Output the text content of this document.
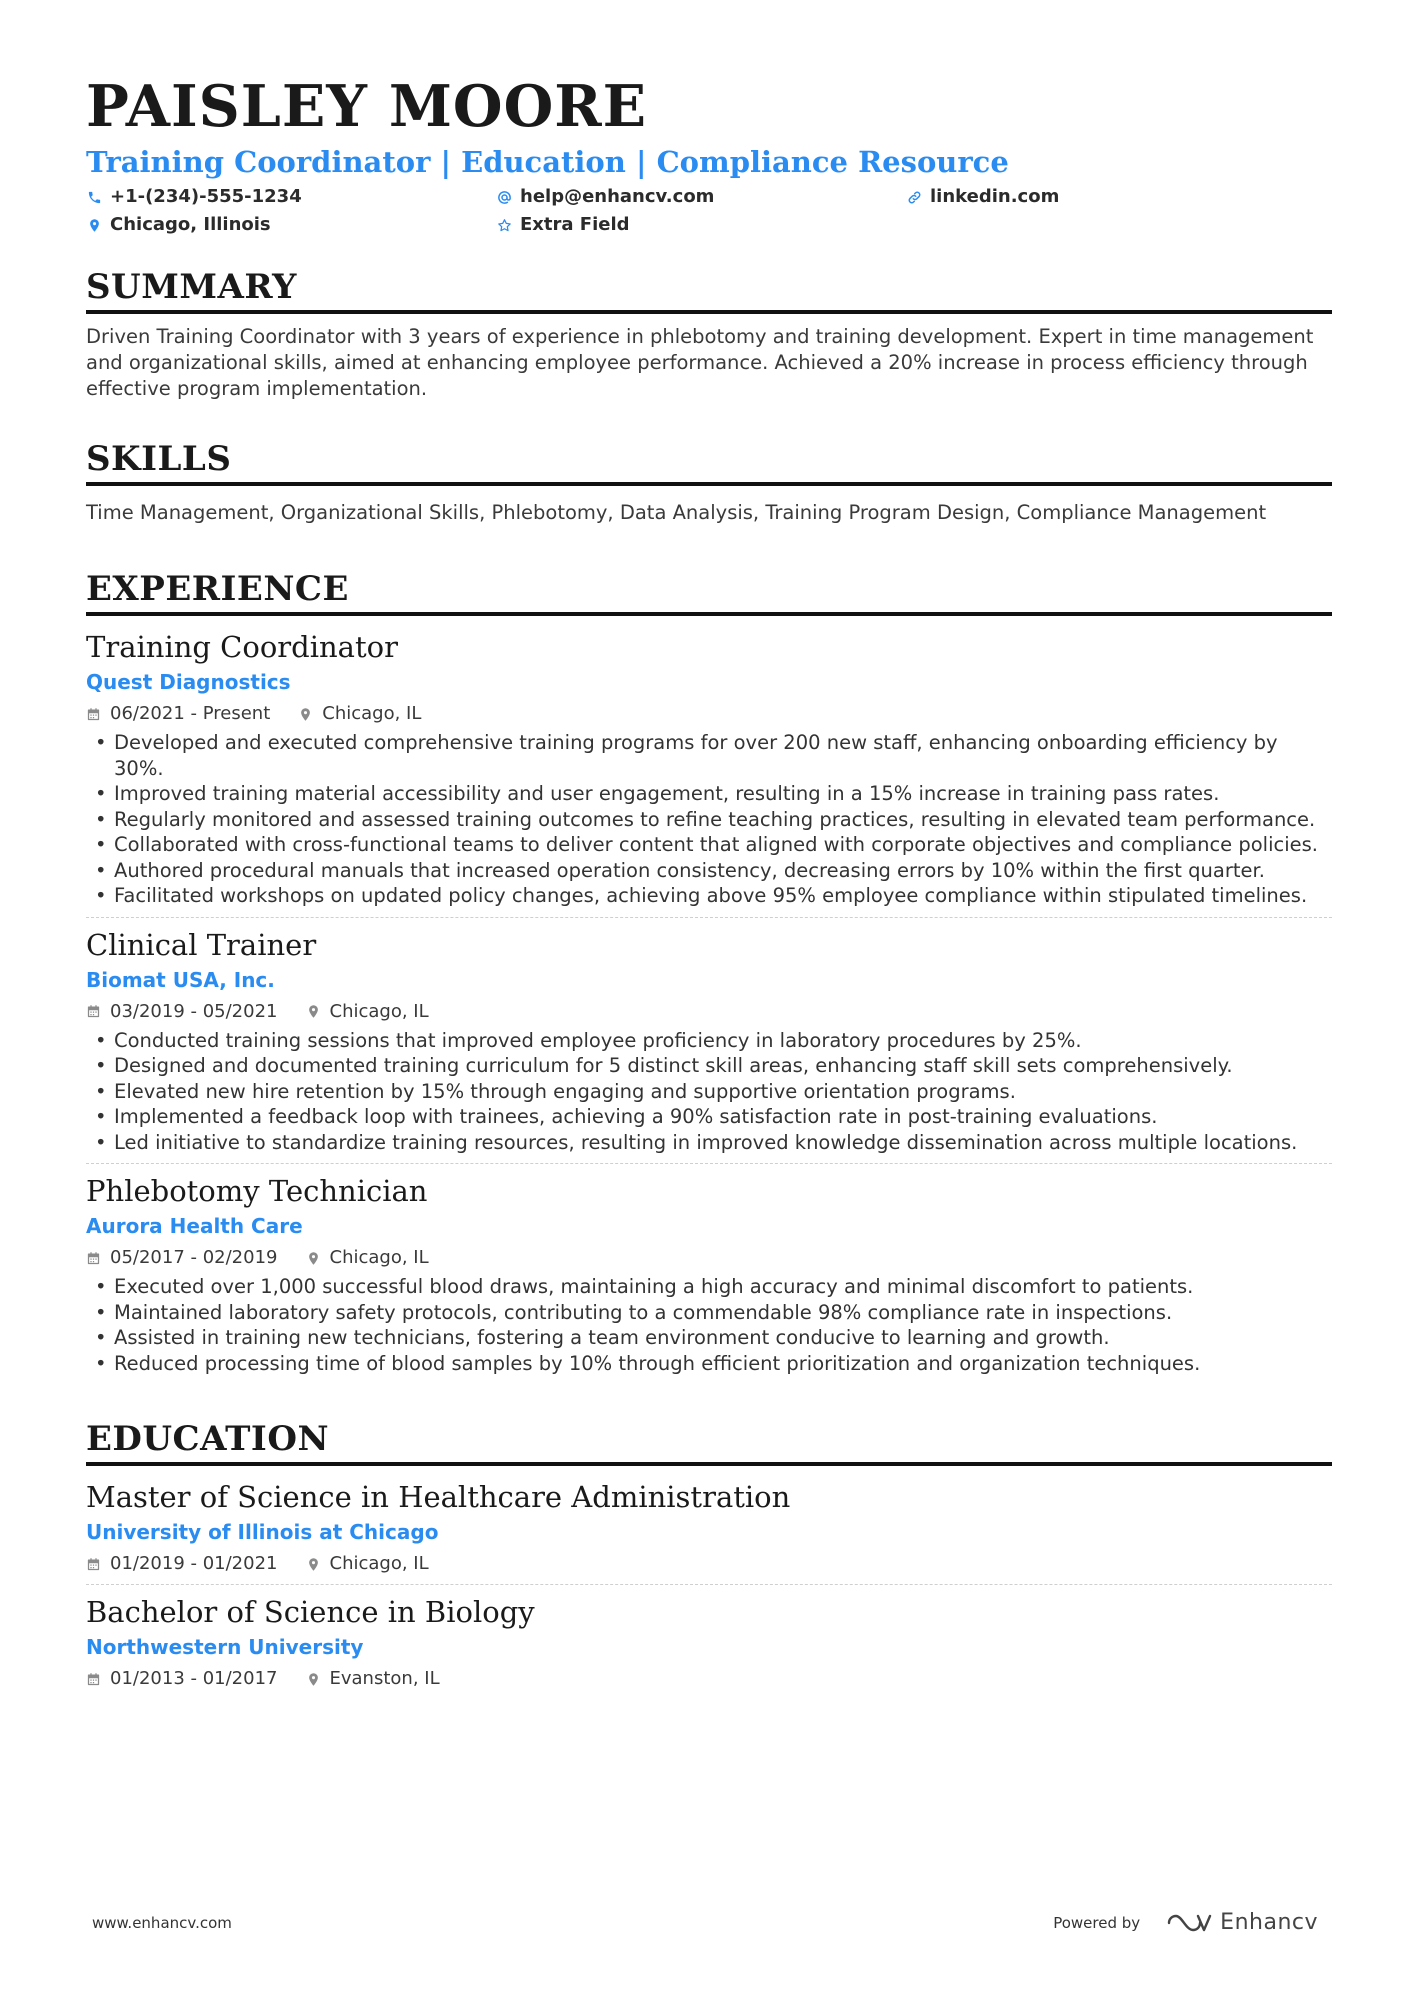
PAISLEY MOORE
Training Coordinator | Education | Compliance Resource
+1-(234)-555-1234	help@enhancv.com	linkedin.com
Chicago, Illinois	Extra Field
SUMMARY
Driven Training Coordinator with 3 years of experience in phlebotomy and training development. Expert in time management and organizational skills, aimed at enhancing employee performance. Achieved a 20% increase in process efficiency through effective program implementation.
SKILLS
Time Management, Organizational Skills, Phlebotomy, Data Analysis, Training Program Design, Compliance Management
EXPERIENCE
Training Coordinator
Quest Diagnostics
06/2021 - Present	Chicago, IL
• Developed and executed comprehensive training programs for over 200 new staff, enhancing onboarding efficiency by 30%.
• Improved training material accessibility and user engagement, resulting in a 15% increase in training pass rates.
• Regularly monitored and assessed training outcomes to refine teaching practices, resulting in elevated team performance.
• Collaborated with cross-functional teams to deliver content that aligned with corporate objectives and compliance policies.
• Authored procedural manuals that increased operation consistency, decreasing errors by 10% within the first quarter.
• Facilitated workshops on updated policy changes, achieving above 95% employee compliance within stipulated timelines.
Clinical Trainer
Biomat USA, Inc.
03/2019 - 05/2021	Chicago, IL
• Conducted training sessions that improved employee proficiency in laboratory procedures by 25%.
• Designed and documented training curriculum for 5 distinct skill areas, enhancing staff skill sets comprehensively.
• Elevated new hire retention by 15% through engaging and supportive orientation programs.
• Implemented a feedback loop with trainees, achieving a 90% satisfaction rate in post-training evaluations.
• Led initiative to standardize training resources, resulting in improved knowledge dissemination across multiple locations.
Phlebotomy Technician
Aurora Health Care
05/2017 - 02/2019	Chicago, IL
• Executed over 1,000 successful blood draws, maintaining a high accuracy and minimal discomfort to patients.
• Maintained laboratory safety protocols, contributing to a commendable 98% compliance rate in inspections.
• Assisted in training new technicians, fostering a team environment conducive to learning and growth.
• Reduced processing time of blood samples by 10% through efficient prioritization and organization techniques.
EDUCATION
Master of Science in Healthcare Administration
University of Illinois at Chicago
01/2019 - 01/2021	Chicago, IL
Bachelor of Science in Biology
Northwestern University
01/2013 - 01/2017	Evanston, IL
www.enhancv.com	Powered by	Enhancv
